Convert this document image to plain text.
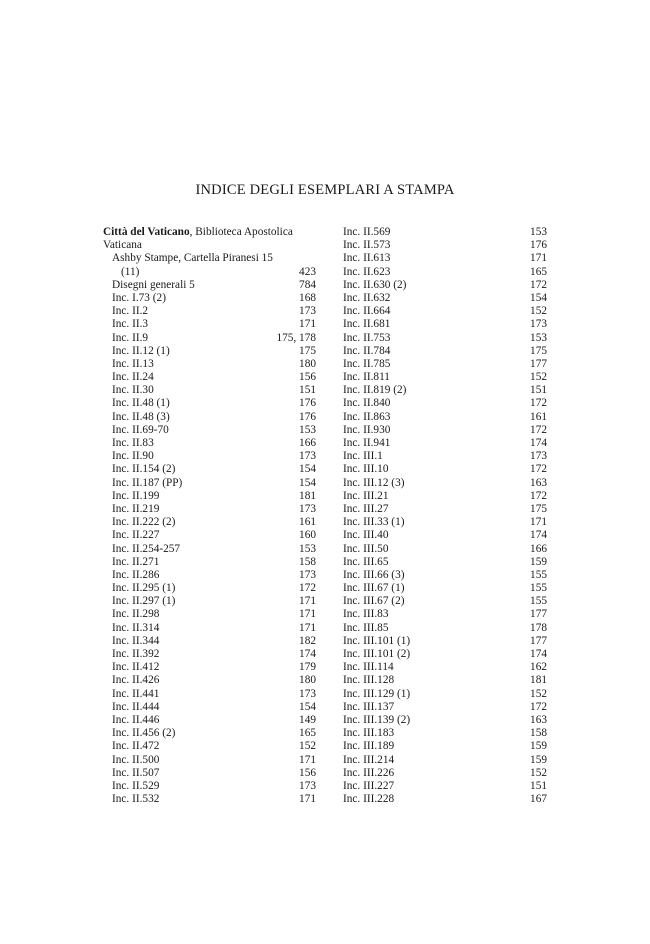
INDICE DEGLI ESEMPLARI A STAMPA
Città del Vaticano, Biblioteca Apostolica
Vaticana
Ashby Stampe, Cartella Piranesi 15
(11)	423
Disegni generali 5	784
Inc. I.73 (2)	168
Inc. II.2	173
Inc. II.3	171
Inc. II.9	175, 178
Inc. II.12 (1)	175
Inc. II.13	180
Inc. II.24	156
Inc. II.30	151
Inc. II.48 (1)	176
Inc. II.48 (3)	176
Inc. II.69-70	153
Inc. II.83	166
Inc. II.90	173
Inc. II.154 (2)	154
Inc. II.187 (PP)	154
Inc. II.199	181
Inc. II.219	173
Inc. II.222 (2)	161
Inc. II.227	160
Inc. II.254-257	153
Inc. II.271	158
Inc. II.286	173
Inc. II.295 (1)	172
Inc. II.297 (1)	171
Inc. II.298	171
Inc. II.314	171
Inc. II.344	182
Inc. II.392	174
Inc. II.412	179
Inc. II.426	180
Inc. II.441	173
Inc. II.444	154
Inc. II.446	149
Inc. II.456 (2)	165
Inc. II.472	152
Inc. II.500	171
Inc. II.507	156
Inc. II.529	173
Inc. II.532	171
Inc. II.569	153
Inc. II.573	176
Inc. II.613	171
Inc. II.623	165
Inc. II.630 (2)	172
Inc. II.632	154
Inc. II.664	152
Inc. II.681	173
Inc. II.753	153
Inc. II.784	175
Inc. II.785	177
Inc. II.811	152
Inc. II.819 (2)	151
Inc. II.840	172
Inc. II.863	161
Inc. II.930	172
Inc. II.941	174
Inc. III.1	173
Inc. III.10	172
Inc. III.12 (3)	163
Inc. III.21	172
Inc. III.27	175
Inc. III.33 (1)	171
Inc. III.40	174
Inc. III.50	166
Inc. III.65	159
Inc. III.66 (3)	155
Inc. III.67 (1)	155
Inc. III.67 (2)	155
Inc. III.83	177
Inc. III.85	178
Inc. III.101 (1)	177
Inc. III.101 (2)	174
Inc. III.114	162
Inc. III.128	181
Inc. III.129 (1)	152
Inc. III.137	172
Inc. III.139 (2)	163
Inc. III.183	158
Inc. III.189	159
Inc. III.214	159
Inc. III.226	152
Inc. III.227	151
Inc. III.228	167
